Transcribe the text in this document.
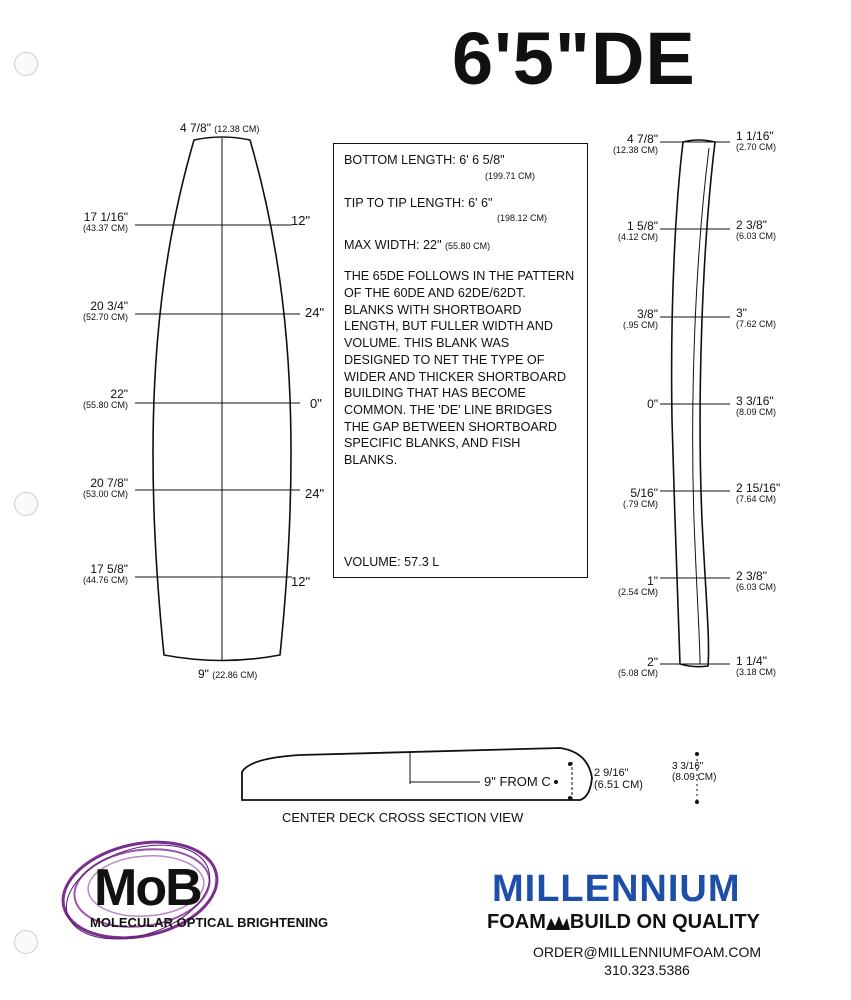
6'5"DE
4 7/8" (12.38 CM)
17 1/16"
(43.37 CM)	12"
20 3/4"
(52.70 CM)	24"
22"
(55.80 CM)	0"
20 7/8"
(53.00 CM)	24"
17 5/8"
(44.76 CM)	12"
9" (22.86 CM)
BOTTOM LENGTH: 6' 6 5/8"
(199.71 CM)
TIP TO TIP LENGTH: 6' 6"
(198.12 CM)
MAX WIDTH: 22" (55.80 CM)
THE 65DE FOLLOWS IN THE PATTERN OF THE 60DE AND 62DE/62DT. BLANKS WITH SHORTBOARD LENGTH, BUT FULLER WIDTH AND VOLUME. THIS BLANK WAS DESIGNED TO NET THE TYPE OF WIDER AND THICKER SHORTBOARD BUILDING THAT HAS BECOME COMMON. THE 'DE' LINE BRIDGES THE GAP BETWEEN SHORTBOARD SPECIFIC BLANKS, AND FISH BLANKS.
VOLUME: 57.3 L
4 7/8"
(12.38 CM)
1 5/8"
(4.12 CM)
3/8"
(.95 CM)
0"
5/16"
(.79 CM)
1"
(2.54 CM)
2"
(5.08 CM)
1 1/16"
(2.70 CM)
2 3/8"
(6.03 CM)
3"
(7.62 CM)
3 3/16"
(8.09 CM)
2 15/16"
(7.64 CM)
2 3/8"
(6.03 CM)
1 1/4"
(3.18 CM)
9" FROM C
2 9/16"
(6.51 CM)
3 3/16"
(8.09 CM)
CENTER DECK CROSS SECTION VIEW
MoB
MOLECULAR OPTICAL BRIGHTENING
MILLENNIUM
FOAM BUILD ON QUALITY
ORDER@MILLENNIUMFOAM.COM
310.323.5386
